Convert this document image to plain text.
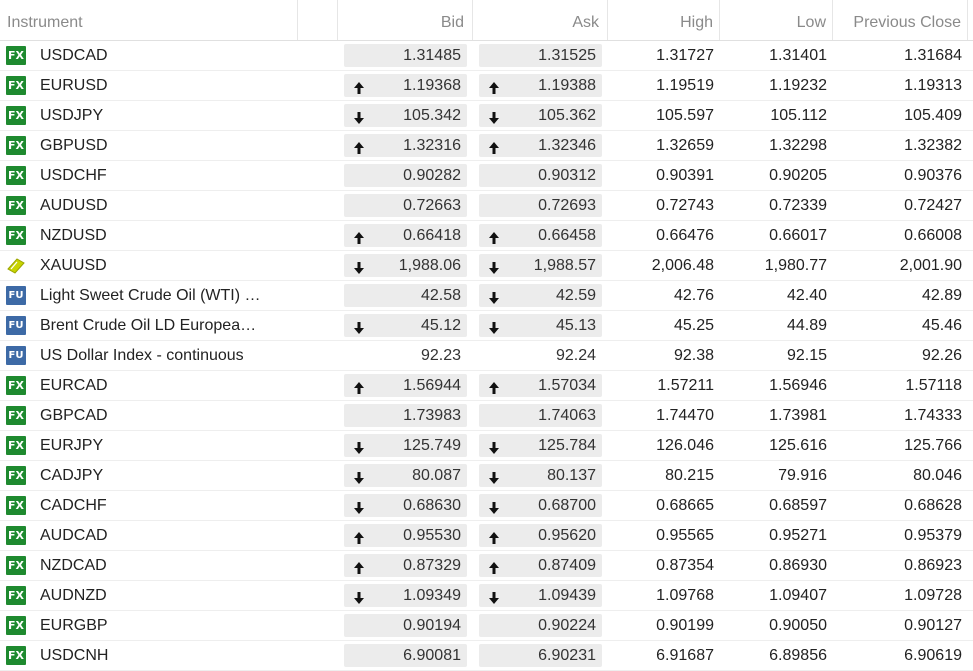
Instrument	Bid	Ask	High	Low	Previous Close
FX USDCAD	1.31485	1.31525	1.31727	1.31401	1.31684
FX EURUSD	1.19368	1.19388	1.19519	1.19232	1.19313
FX USDJPY	105.342	105.362	105.597	105.112	105.409
FX GBPUSD	1.32316	1.32346	1.32659	1.32298	1.32382
FX USDCHF	0.90282	0.90312	0.90391	0.90205	0.90376
FX AUDUSD	0.72663	0.72693	0.72743	0.72339	0.72427
FX NZDUSD	0.66418	0.66458	0.66476	0.66017	0.66008
XAUUSD	1,988.06	1,988.57	2,006.48	1,980.77	2,001.90
FU Light Sweet Crude Oil (WTI) …	42.58	42.59	42.76	42.40	42.89
FU Brent Crude Oil LD Europea…	45.12	45.13	45.25	44.89	45.46
FU US Dollar Index - continuous	92.23	92.24	92.38	92.15	92.26
FX EURCAD	1.56944	1.57034	1.57211	1.56946	1.57118
FX GBPCAD	1.73983	1.74063	1.74470	1.73981	1.74333
FX EURJPY	125.749	125.784	126.046	125.616	125.766
FX CADJPY	80.087	80.137	80.215	79.916	80.046
FX CADCHF	0.68630	0.68700	0.68665	0.68597	0.68628
FX AUDCAD	0.95530	0.95620	0.95565	0.95271	0.95379
FX NZDCAD	0.87329	0.87409	0.87354	0.86930	0.86923
FX AUDNZD	1.09349	1.09439	1.09768	1.09407	1.09728
FX EURGBP	0.90194	0.90224	0.90199	0.90050	0.90127
FX USDCNH	6.90081	6.90231	6.91687	6.89856	6.90619
